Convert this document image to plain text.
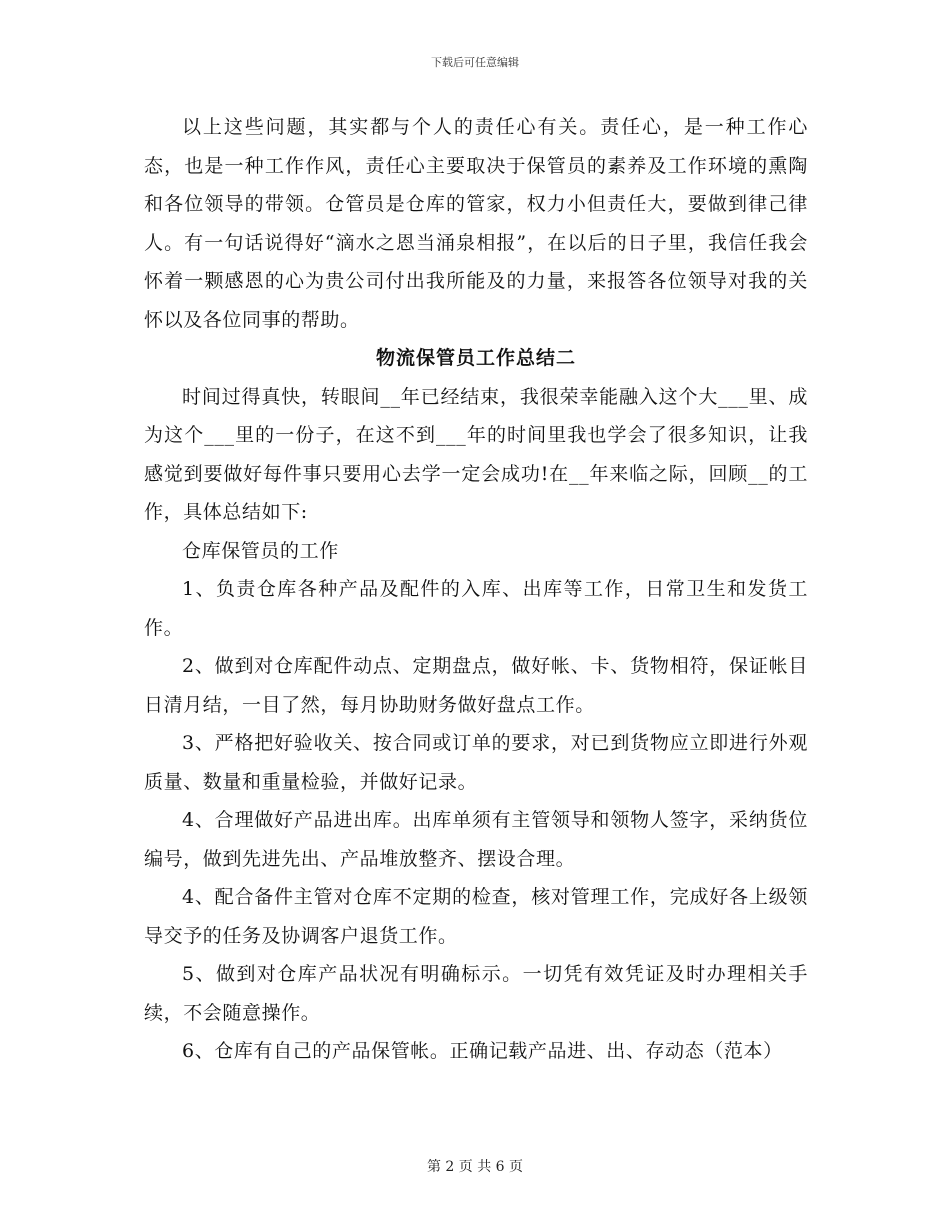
下载后可任意编辑

以上这些问题，其实都与个人的责任心有关。责任心，是一种工作心态，也是一种工作作风，责任心主要取决于保管员的素养及工作环境的熏陶和各位领导的带领。仓管员是仓库的管家，权力小但责任大，要做到律己律人。有一句话说得好“滴水之恩当涌泉相报”，在以后的日子里，我信任我会怀着一颗感恩的心为贵公司付出我所能及的力量，来报答各位领导对我的关怀以及各位同事的帮助。

物流保管员工作总结二

时间过得真快，转眼间__年已经结束，我很荣幸能融入这个大___里、成为这个___里的一份子，在这不到___年的时间里我也学会了很多知识，让我感觉到要做好每件事只要用心去学一定会成功!在__年来临之际，回顾__的工作，具体总结如下:

仓库保管员的工作

1、负责仓库各种产品及配件的入库、出库等工作，日常卫生和发货工作。

2、做到对仓库配件动点、定期盘点，做好帐、卡、货物相符，保证帐目日清月结，一目了然，每月协助财务做好盘点工作。

3、严格把好验收关、按合同或订单的要求，对已到货物应立即进行外观质量、数量和重量检验，并做好记录。

4、合理做好产品进出库。出库单须有主管领导和领物人签字，采纳货位编号，做到先进先出、产品堆放整齐、摆设合理。

4、配合备件主管对仓库不定期的检查，核对管理工作，完成好各上级领导交予的任务及协调客户退货工作。

5、做到对仓库产品状况有明确标示。一切凭有效凭证及时办理相关手续，不会随意操作。

6、仓库有自己的产品保管帐。正确记载产品进、出、存动态（范本）

第 2 页 共 6 页
